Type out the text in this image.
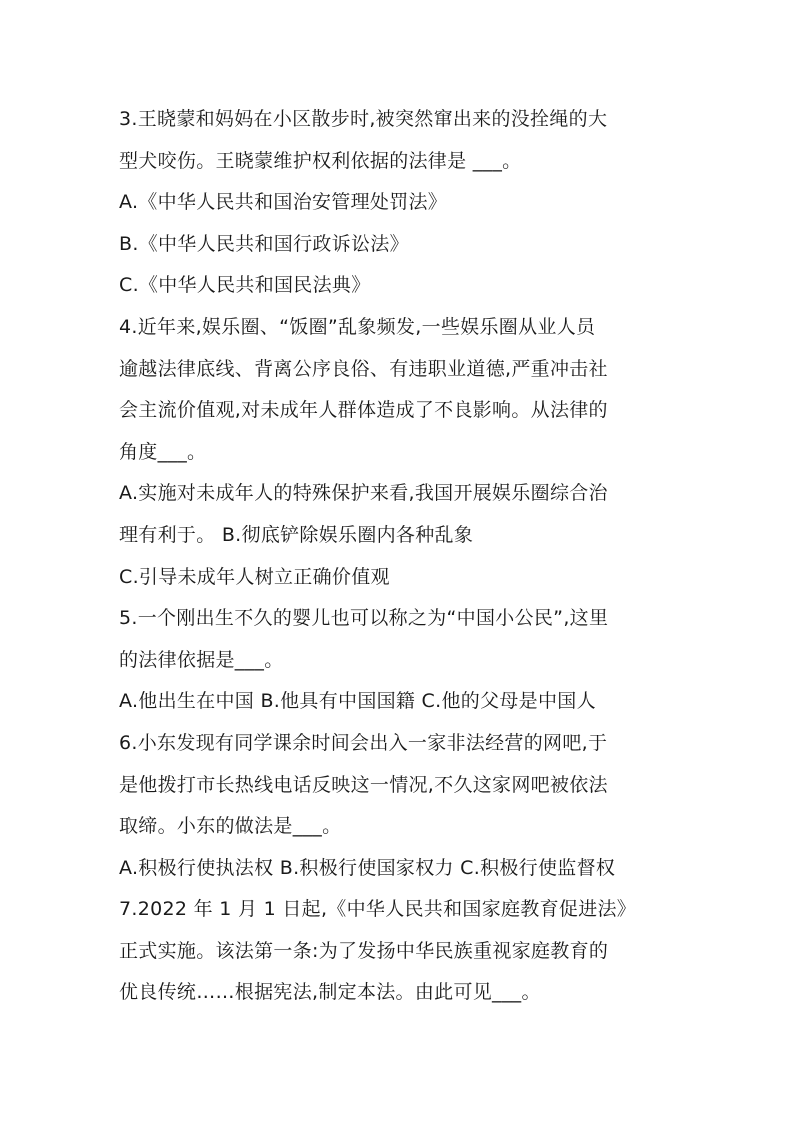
3.王晓蒙和妈妈在小区散步时,被突然窜出来的没拴绳的大
型犬咬伤。王晓蒙维护权利依据的法律是 ___。
A.《中华人民共和国治安管理处罚法》
B.《中华人民共和国行政诉讼法》
C.《中华人民共和国民法典》
4.近年来,娱乐圈、“饭圈”乱象频发,一些娱乐圈从业人员
逾越法律底线、背离公序良俗、有违职业道德,严重冲击社
会主流价值观,对未成年人群体造成了不良影响。从法律的
角度___。
A.实施对未成年人的特殊保护来看,我国开展娱乐圈综合治
理有利于。 B.彻底铲除娱乐圈内各种乱象
C.引导未成年人树立正确价值观
5.一个刚出生不久的婴儿也可以称之为“中国小公民”,这里
的法律依据是___。
A.他出生在中国 B.他具有中国国籍 C.他的父母是中国人
6.小东发现有同学课余时间会出入一家非法经营的网吧,于
是他拨打市长热线电话反映这一情况,不久这家网吧被依法
取缔。小东的做法是___。
A.积极行使执法权 B.积极行使国家权力 C.积极行使监督权
7.2022 年 1 月 1 日起,《中华人民共和国家庭教育促进法》
正式实施。该法第一条:为了发扬中华民族重视家庭教育的
优良传统……根据宪法,制定本法。由此可见___。
